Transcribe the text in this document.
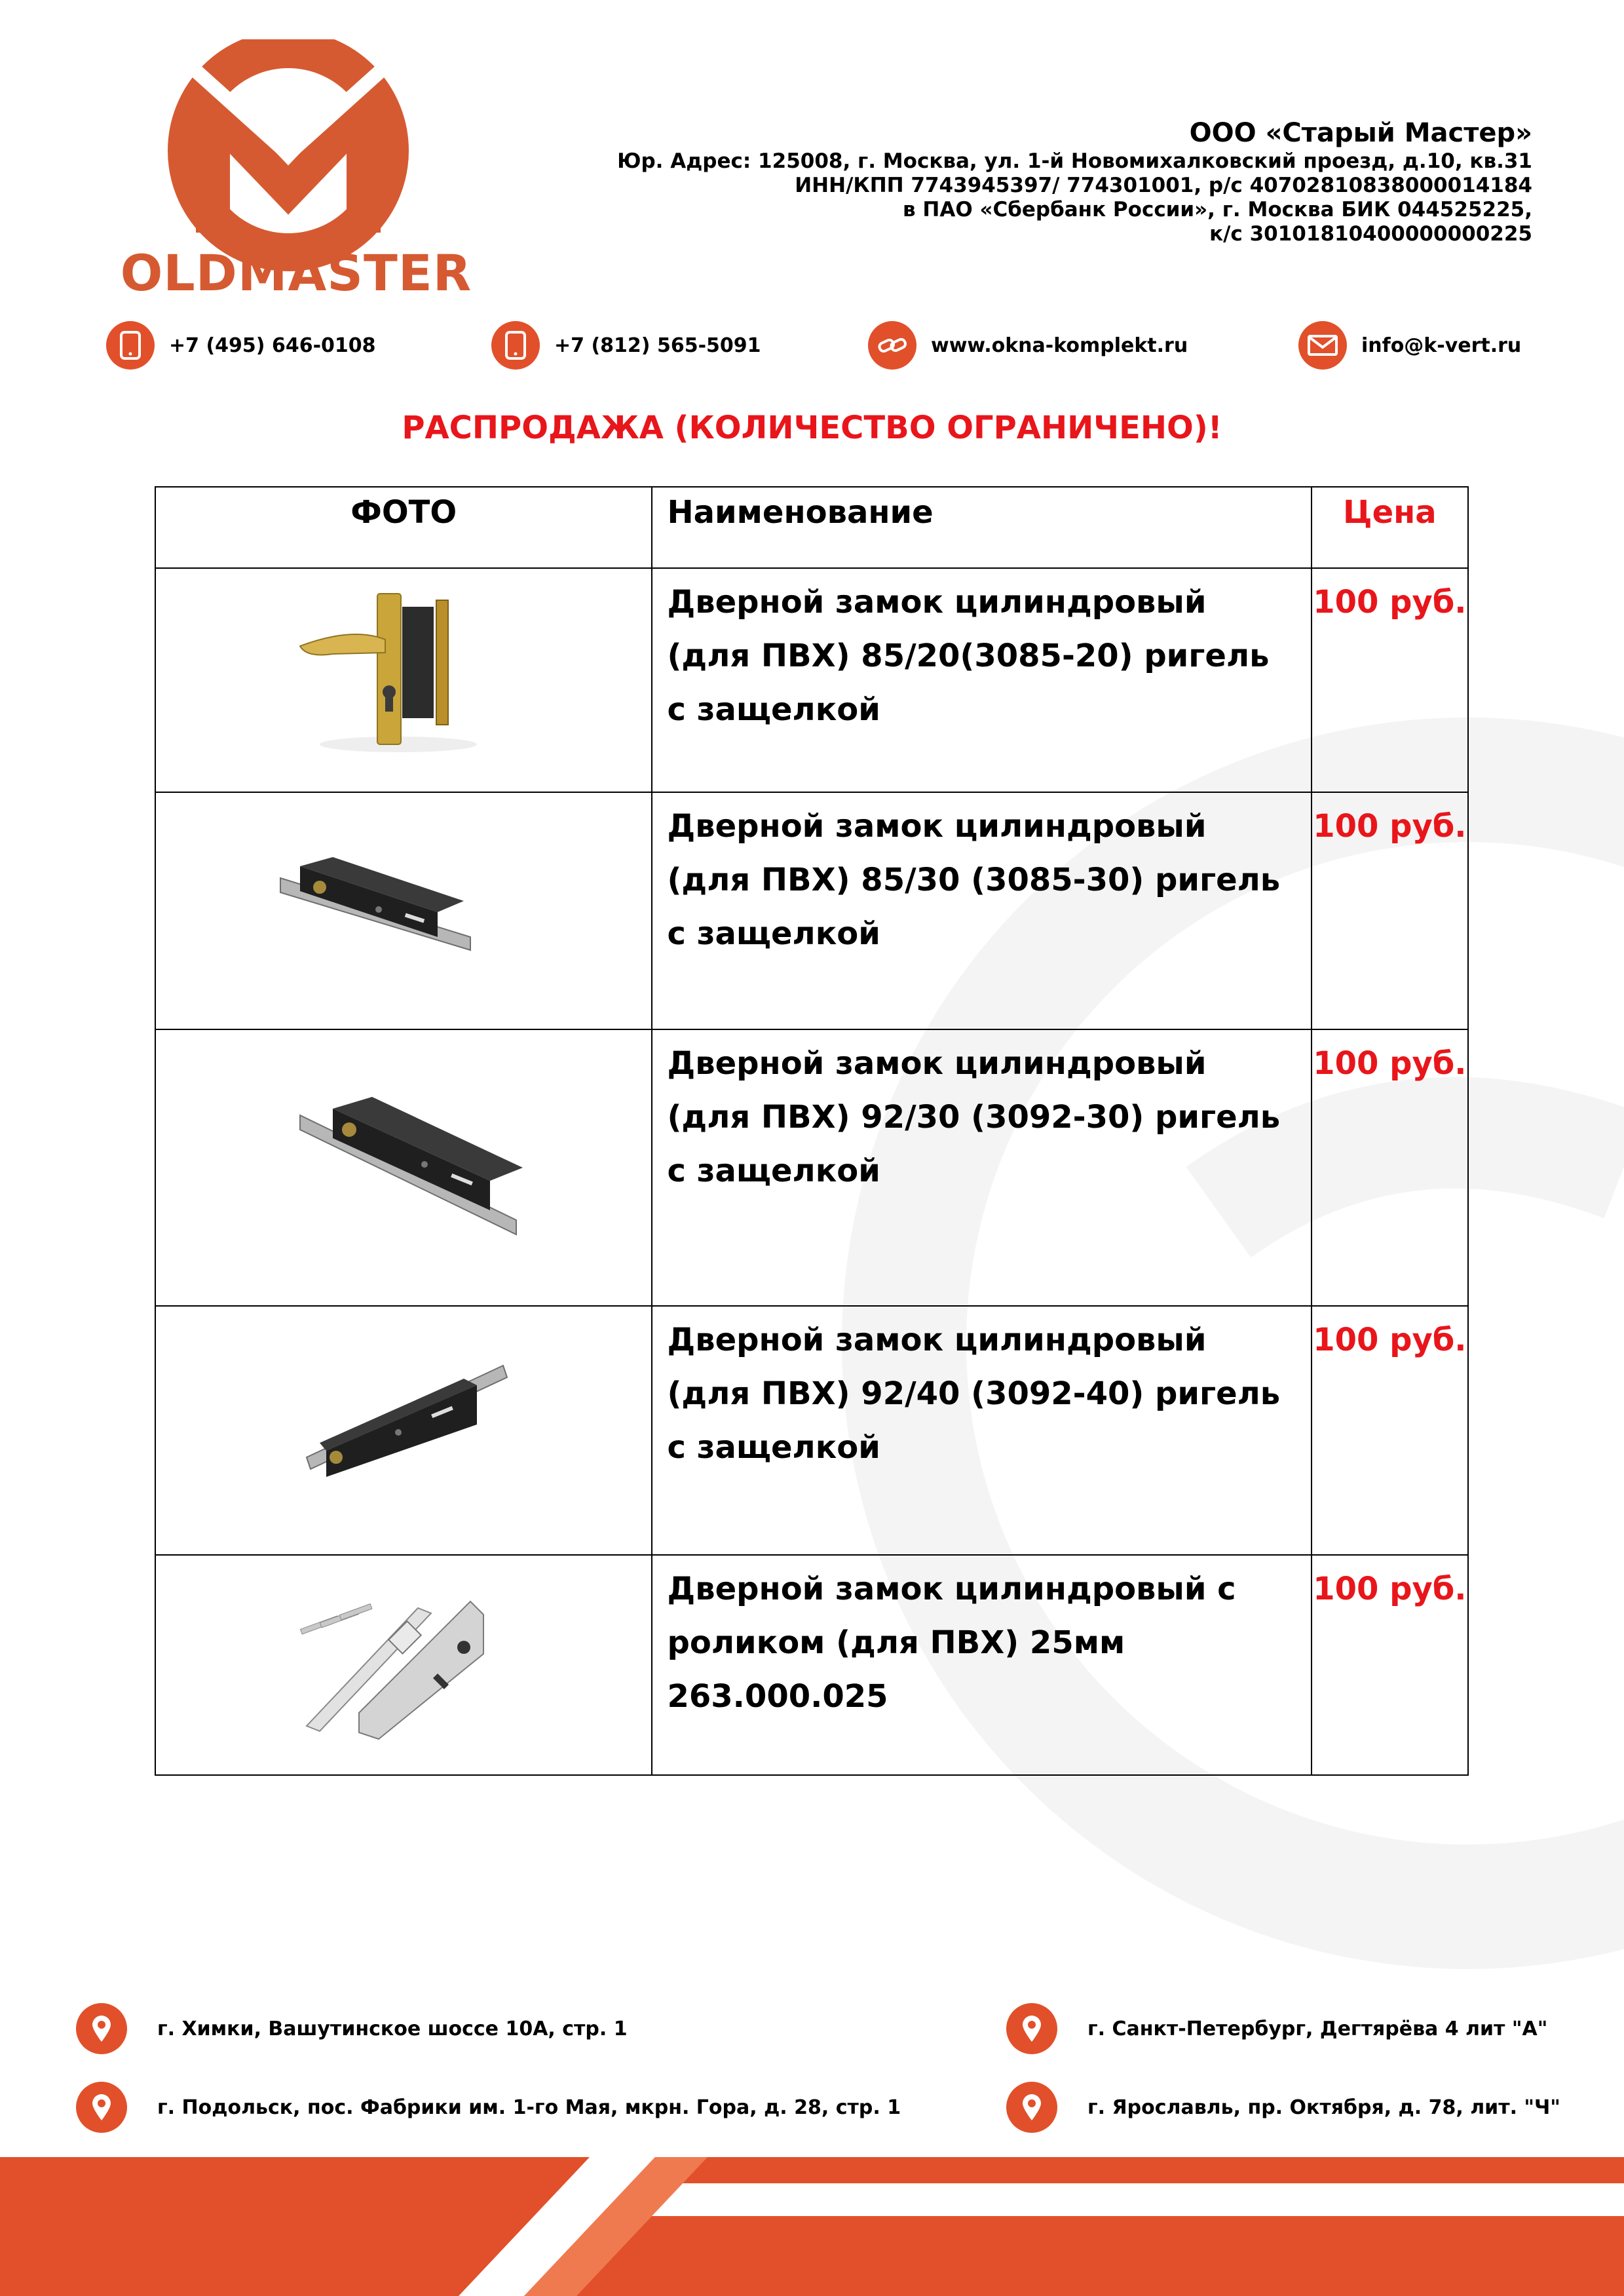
OLDMASTER
ООО «Старый Мастер»
Юр. Адрес: 125008, г. Москва, ул. 1-й Новомихалковский проезд, д.10, кв.31
ИНН/КПП 7743945397/ 774301001, р/с 40702810838000014184
в ПАО «Сбербанк России», г. Москва БИК 044525225,
к/с 30101810400000000225
+7 (495) 646-0108	+7 (812) 565-5091	www.okna-komplekt.ru	info@k-vert.ru
РАСПРОДАЖА (КОЛИЧЕСТВО ОГРАНИЧЕНО)!
ФОТО	Наименование	Цена

	Дверной замок цилиндровый (для ПВХ) 85/20(3085-20) ригель с защелкой	100 руб.

	Дверной замок цилиндровый (для ПВХ) 85/30 (3085-30) ригель с защелкой	100 руб.

	Дверной замок цилиндровый (для ПВХ) 92/30 (3092-30) ригель с защелкой	100 руб.

	Дверной замок цилиндровый (для ПВХ) 92/40 (3092-40) ригель с защелкой	100 руб.

	Дверной замок цилиндровый с роликом (для ПВХ) 25мм 263.000.025	100 руб.
г. Химки, Вашутинское шоссе 10А, стр. 1	г. Санкт-Петербург, Дегтярёва 4 лит "А"
г. Подольск, пос. Фабрики им. 1-го Мая, мкрн. Гора, д. 28, стр. 1	г. Ярославль, пр. Октября, д. 78, лит. "Ч"
